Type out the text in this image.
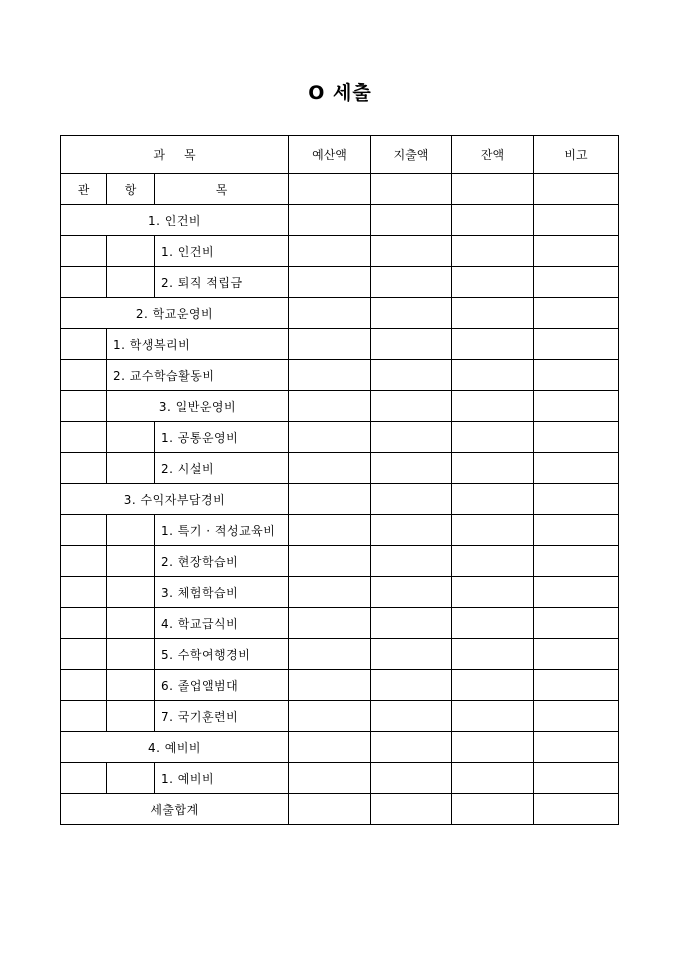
O 세출
과     목			예산액	지출액	잔액	비고
관	항	목				
1. 인건비						
		1. 인건비				
		2. 퇴직 적립금				
2. 학교운영비						
	1. 학생복리비					
	2. 교수학습활동비					
	3. 일반운영비					
		1. 공통운영비				
		2. 시설비				
3. 수익자부담경비						
		1. 특기 · 적성교육비				
		2. 현장학습비				
		3. 체험학습비				
		4. 학교급식비				
		5. 수학여행경비				
		6. 졸업앨범대				
		7. 국기훈련비				
4. 예비비						
		1. 예비비				
세출합계						
